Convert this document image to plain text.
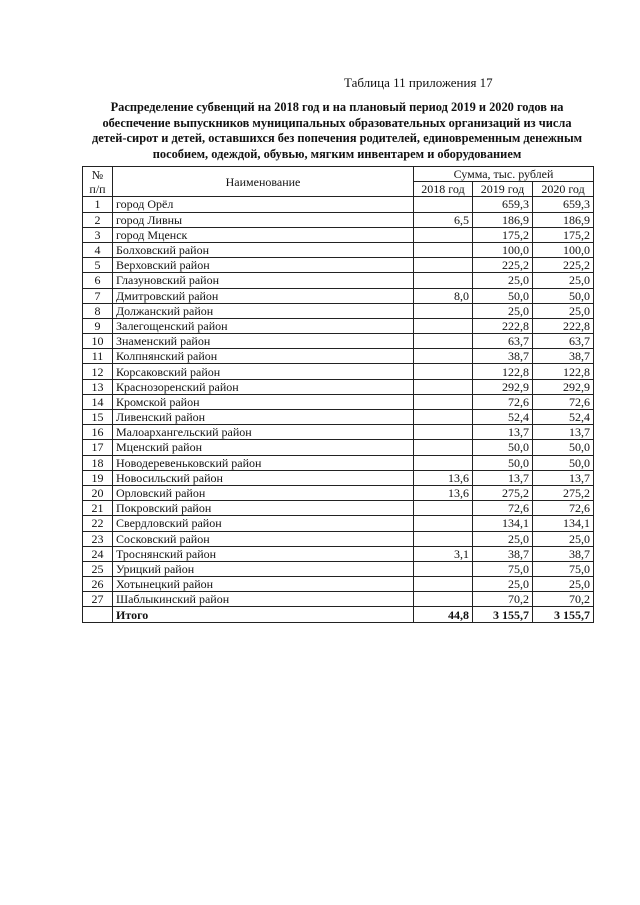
Таблица 11 приложения 17
Распределение субвенций на 2018 год и на плановый период 2019 и 2020 годов на
обеспечение выпускников муниципальных образовательных организаций из числа
детей-сирот и детей, оставшихся без попечения родителей, единовременным денежным
пособием, одеждой, обувью, мягким инвентарем и оборудованием
№
п/п	Наименование	Сумма, тыс. рублей		
		2018 год	2019 год	2020 год
1	город Орёл		659,3	659,3
2	город Ливны	6,5	186,9	186,9
3	город Мценск		175,2	175,2
4	Болховский район		100,0	100,0
5	Верховский район		225,2	225,2
6	Глазуновский район		25,0	25,0
7	Дмитровский район	8,0	50,0	50,0
8	Должанский район		25,0	25,0
9	Залегощенский район		222,8	222,8
10	Знаменский район		63,7	63,7
11	Колпнянский район		38,7	38,7
12	Корсаковский район		122,8	122,8
13	Краснозоренский район		292,9	292,9
14	Кромской район		72,6	72,6
15	Ливенский район		52,4	52,4
16	Малоархангельский район		13,7	13,7
17	Мценский район		50,0	50,0
18	Новодеревеньковский район		50,0	50,0
19	Новосильский район	13,6	13,7	13,7
20	Орловский район	13,6	275,2	275,2
21	Покровский район		72,6	72,6
22	Свердловский район		134,1	134,1
23	Сосковский район		25,0	25,0
24	Троснянский район	3,1	38,7	38,7
25	Урицкий район		75,0	75,0
26	Хотынецкий район		25,0	25,0
27	Шаблыкинский район		70,2	70,2
	Итого	44,8	3 155,7	3 155,7
